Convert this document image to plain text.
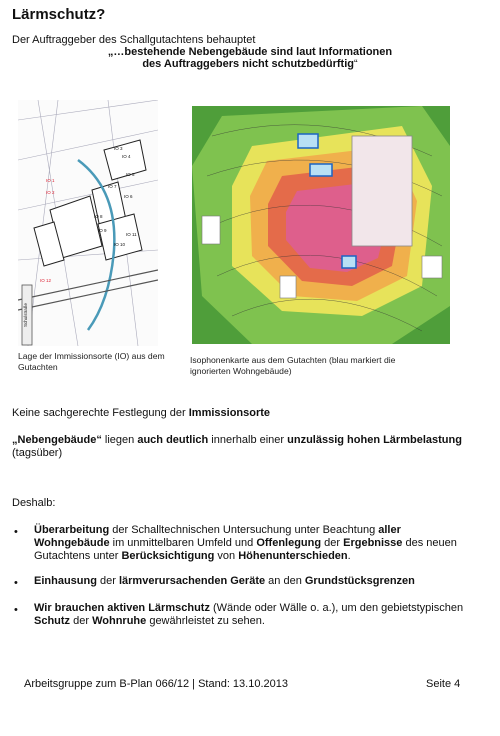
Lärmschutz?
Der Auftraggeber des Schallgutachtens behauptet
„…bestehende Nebengebäude sind laut Informationen
des Auftraggebers nicht schutzbedürftig“
Schulstraße
IO 3
IO 4
IO 5
IO 6
IO 7
IO 8
IO 9
IO 10
IO 11
IO 1
IO 2
IO 12
Lage der Immissionsorte (IO) aus dem Gutachten
Isophonenkarte aus dem Gutachten (blau markiert die ignorierten Wohngebäude)
Keine sachgerechte Festlegung der Immissionsorte
„Nebengebäude“ liegen auch deutlich innerhalb einer unzulässig hohen Lärmbelastung (tagsüber)
Deshalb:
• Überarbeitung der Schalltechnischen Untersuchung unter Beachtung aller Wohngebäude im unmittelbaren Umfeld und Offenlegung der Ergebnisse des neuen Gutachtens unter Berücksichtigung von Höhenunterschieden.
• Einhausung der lärmverursachenden Geräte an den Grundstücksgrenzen
• Wir brauchen aktiven Lärmschutz (Wände oder Wälle o. a.), um den gebietstypischen Schutz der Wohnruhe gewährleistet zu sehen.
Arbeitsgruppe zum B-Plan 066/12 | Stand: 13.10.2013	Seite 4
